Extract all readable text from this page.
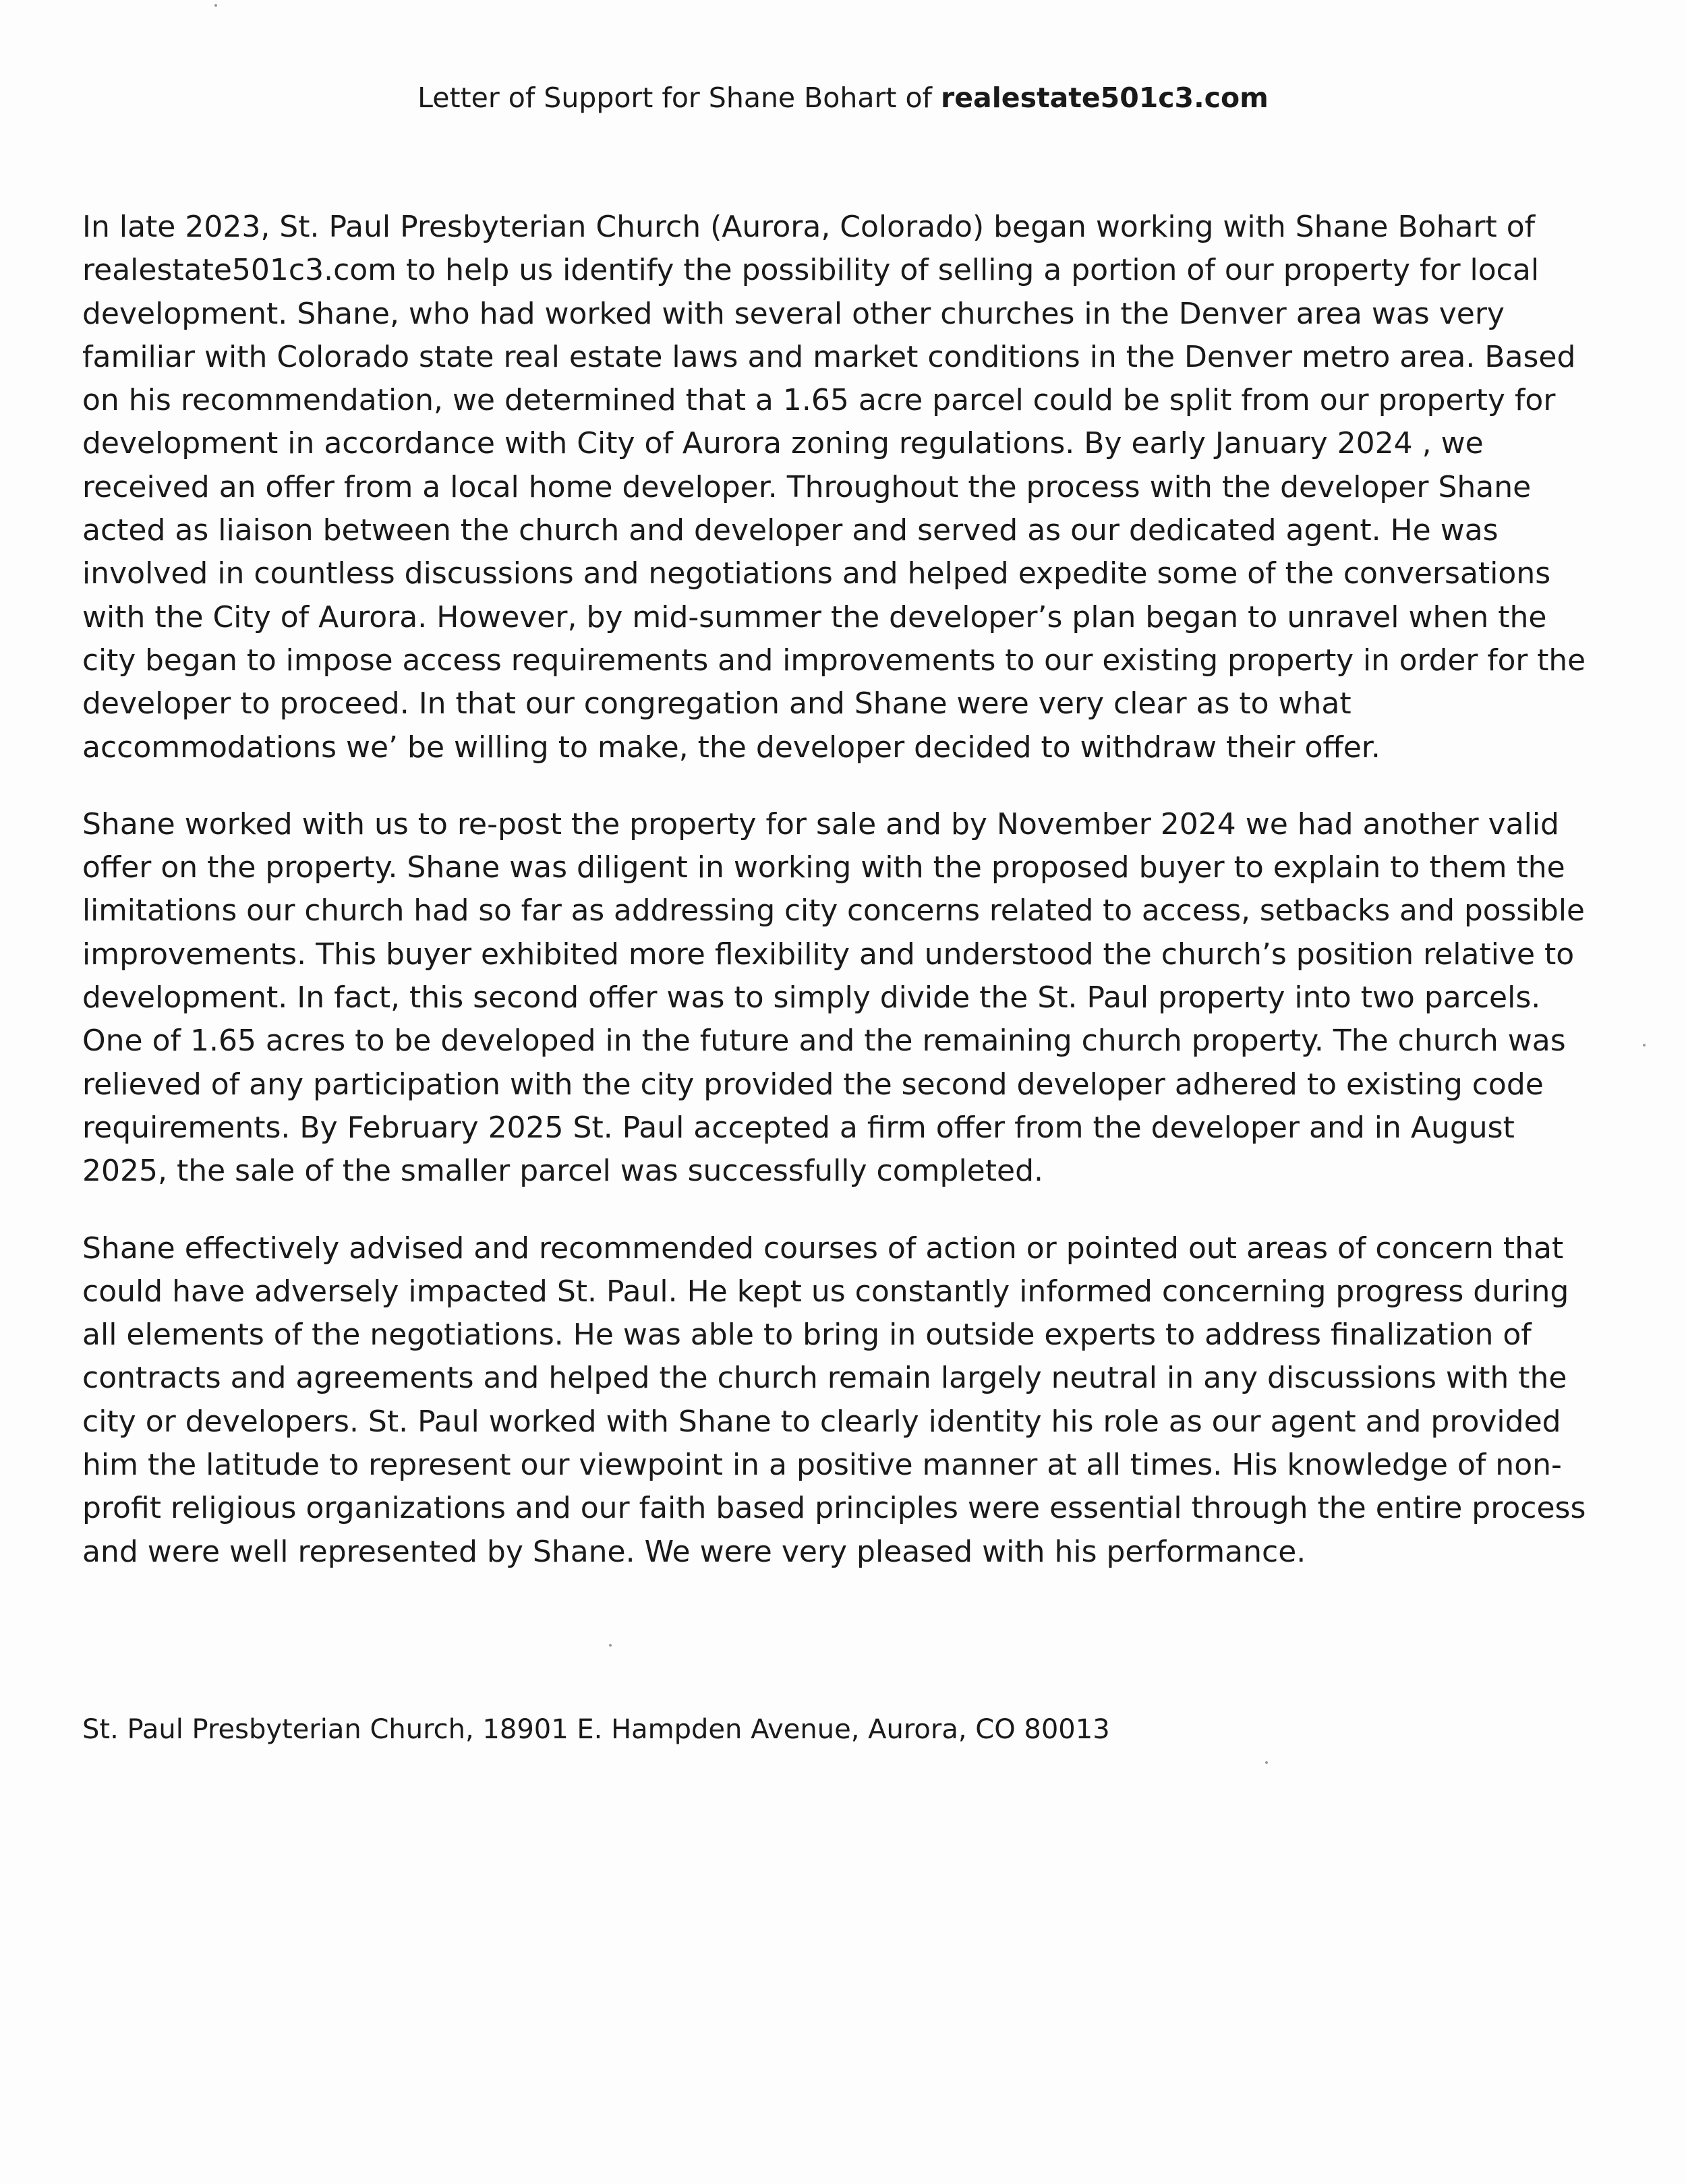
Letter of Support for Shane Bohart of realestate501c3.com

In late 2023, St. Paul Presbyterian Church (Aurora, Colorado) began working with Shane Bohart of
realestate501c3.com to help us identify the possibility of selling a portion of our property for local
development. Shane, who had worked with several other churches in the Denver area was very
familiar with Colorado state real estate laws and market conditions in the Denver metro area. Based
on his recommendation, we determined that a 1.65 acre parcel could be split from our property for
development in accordance with City of Aurora zoning regulations. By early January 2024 , we
received an offer from a local home developer. Throughout the process with the developer Shane
acted as liaison between the church and developer and served as our dedicated agent. He was
involved in countless discussions and negotiations and helped expedite some of the conversations
with the City of Aurora. However, by mid-summer the developer’s plan began to unravel when the
city began to impose access requirements and improvements to our existing property in order for the
developer to proceed. In that our congregation and Shane were very clear as to what
accommodations we’ be willing to make, the developer decided to withdraw their offer.

Shane worked with us to re-post the property for sale and by November 2024 we had another valid
offer on the property. Shane was diligent in working with the proposed buyer to explain to them the
limitations our church had so far as addressing city concerns related to access, setbacks and possible
improvements. This buyer exhibited more flexibility and understood the church’s position relative to
development. In fact, this second offer was to simply divide the St. Paul property into two parcels.
One of 1.65 acres to be developed in the future and the remaining church property. The church was
relieved of any participation with the city provided the second developer adhered to existing code
requirements. By February 2025 St. Paul accepted a firm offer from the developer and in August
2025, the sale of the smaller parcel was successfully completed.

Shane effectively advised and recommended courses of action or pointed out areas of concern that
could have adversely impacted St. Paul. He kept us constantly informed concerning progress during
all elements of the negotiations. He was able to bring in outside experts to address finalization of
contracts and agreements and helped the church remain largely neutral in any discussions with the
city or developers. St. Paul worked with Shane to clearly identity his role as our agent and provided
him the latitude to represent our viewpoint in a positive manner at all times. His knowledge of non-
profit religious organizations and our faith based principles were essential through the entire process
and were well represented by Shane. We were very pleased with his performance.

St. Paul Presbyterian Church, 18901 E. Hampden Avenue, Aurora, CO 80013
